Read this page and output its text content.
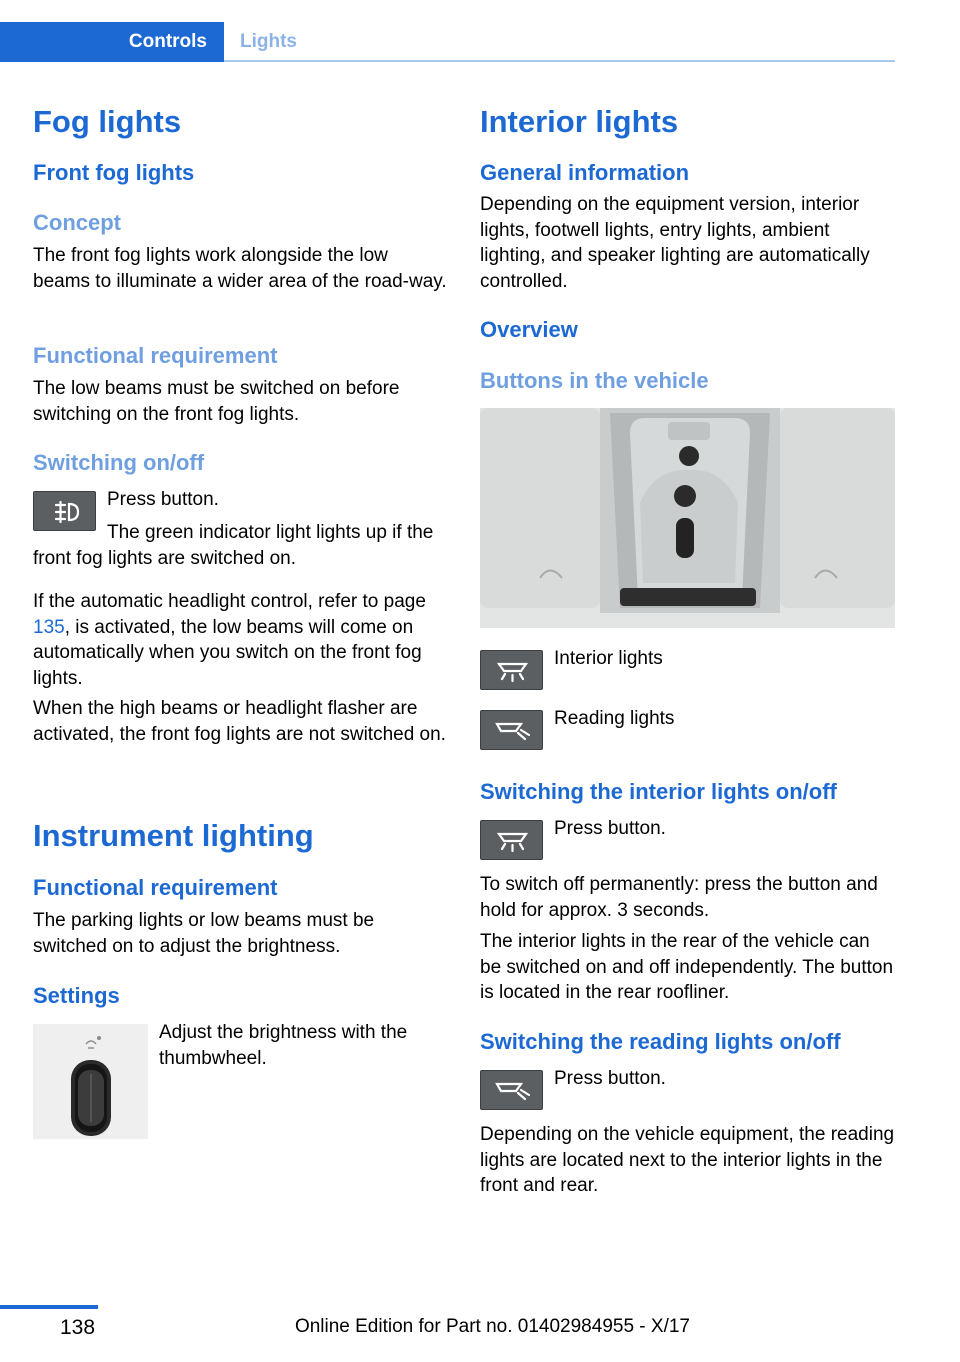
Controls	Lights
Fog lights
Front fog lights
Concept

The front fog lights work alongside the low beams to illuminate a wider area of the road‐way.

Functional requirement

The low beams must be switched on before switching on the front fog lights.

Switching on/off

Press button.

The green indicator light lights up if the front fog lights are switched on.

If the automatic headlight control, refer to page 135, is activated, the low beams will come on automatically when you switch on the front fog lights.

When the high beams or headlight flasher are activated, the front fog lights are not switched on.

Instrument lighting
Functional requirement

The parking lights or low beams must be switched on to adjust the brightness.

Settings

Adjust the brightness with the thumbwheel.

Interior lights
General information

Depending on the equipment version, interior lights, footwell lights, entry lights, ambient lighting, and speaker lighting are automatically controlled.

Overview
Buttons in the vehicle

Interior lights

Reading lights

Switching the interior lights on/off

Press button.

To switch off permanently: press the button and hold for approx. 3 seconds.

The interior lights in the rear of the vehicle can be switched on and off independently. The button is located in the rear roofliner.

Switching the reading lights on/off

Press button.

Depending on the vehicle equipment, the reading lights are located next to the interior lights in the front and rear.

138	Online Edition for Part no. 01402984955 - X/17
